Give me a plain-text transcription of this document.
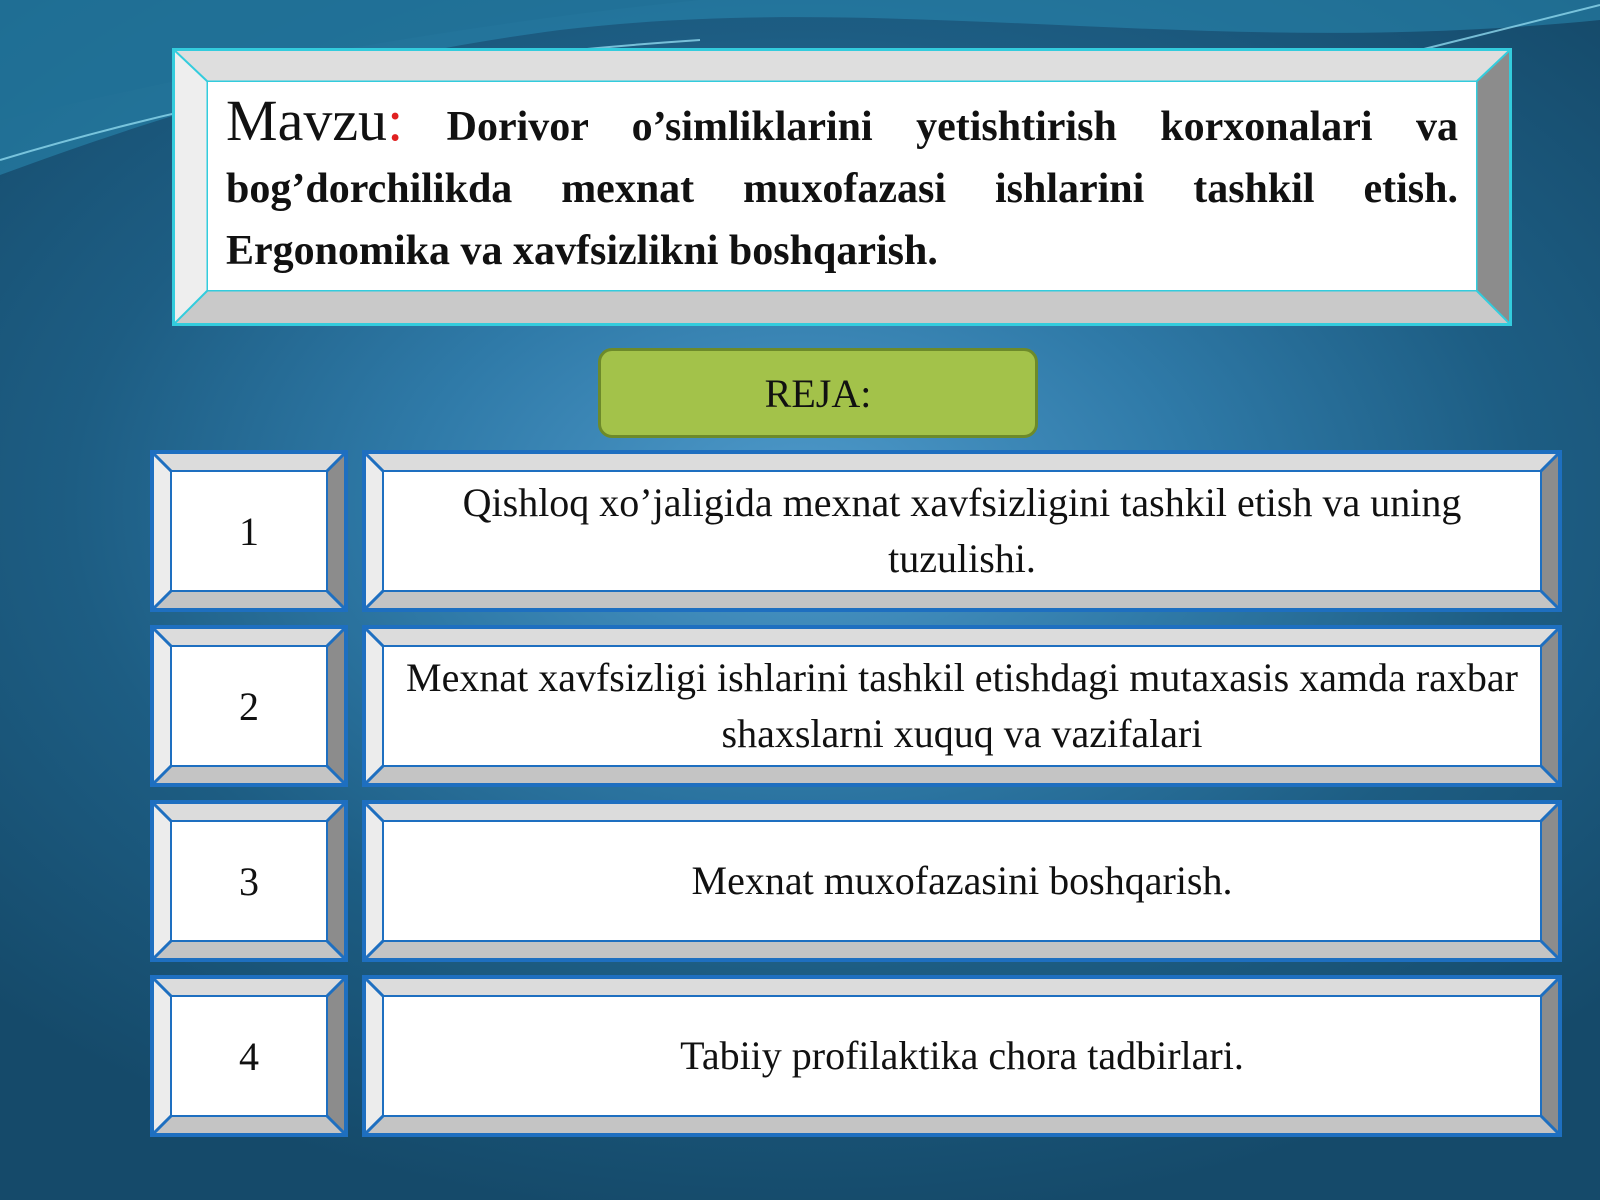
Mavzu: Dorivor o’simliklarini yetishtirish korxonalari va bog’dorchilikda mexnat muxofazasi ishlarini tashkil etish. Ergonomika va xavfsizlikni boshqarish.
REJA:
1
Qishloq xo’jaligida mexnat xavfsizligini tashkil etish va uning tuzulishi.
2
Mexnat xavfsizligi ishlarini tashkil etishdagi mutaxasis xamda raxbar shaxslarni xuquq va vazifalari
3	Mexnat muxofazasini boshqarish.
4	Tabiiy profilaktika chora tadbirlari.
